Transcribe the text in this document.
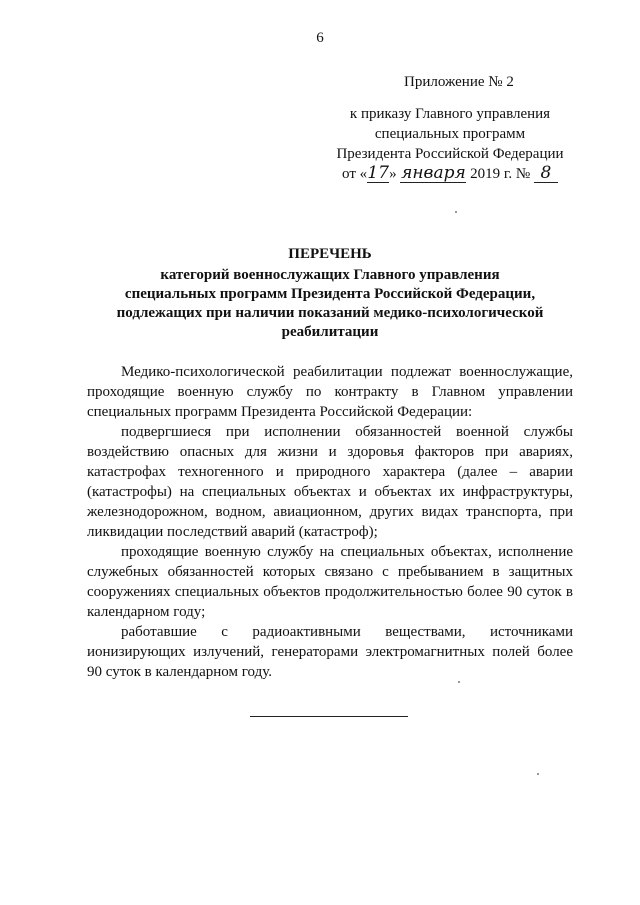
6
Приложение № 2
к приказу Главного управления
специальных программ
Президента Российской Федерации
от «17» января 2019 г. № 8
ПЕРЕЧЕНЬ
категорий военнослужащих Главного управления
специальных программ Президента Российской Федерации,
подлежащих при наличии показаний медико-психологической
реабилитации

Медико-психологической реабилитации подлежат военнослужащие, проходящие военную службу по контракту в Главном управлении специальных программ Президента Российской Федерации:

подвергшиеся при исполнении обязанностей военной службы воздействию опасных для жизни и здоровья факторов при авариях, катастрофах техногенного и природного характера (далее – аварии (катастрофы) на специальных объектах и объектах их инфраструктуры, железнодорожном, водном, авиационном, других видах транспорта, при ликвидации последствий аварий (катастроф);

проходящие военную службу на специальных объектах, исполнение служебных обязанностей которых связано с пребыванием в защитных сооружениях специальных объектов продолжительностью более 90 суток в календарном году;

работавшие с радиоактивными веществами, источниками ионизирующих излучений, генераторами электромагнитных полей более 90 суток в календарном году.
